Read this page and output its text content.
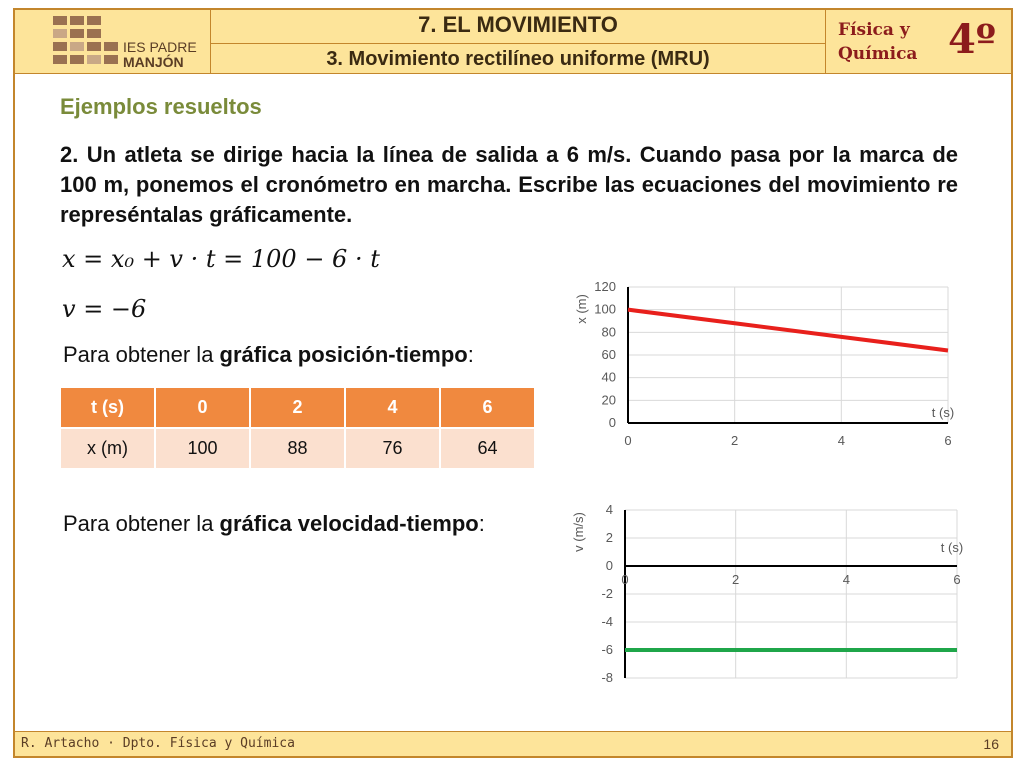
IES PADRE
MANJÓN
7. EL MOVIMIENTO
3. Movimiento rectilíneo uniforme (MRU)
Física y
Química 4º
Ejemplos resueltos
2. Un atleta se dirige hacia la línea de salida a 6 m/s. Cuando pasa por la marca de 100 m, ponemos el cronómetro en marcha. Escribe las ecuaciones del movimiento re represéntalas gráficamente.
x = x₀ + v · t = 100 − 6 · t
v = −6
Para obtener la gráfica posición-tiempo:
t (s)	0	2	4	6
x (m)	100	88	76	64
Para obtener la gráfica velocidad-tiempo:
0
20
40
60
80
100
120
0	2	4	6
t (s)
x (m)
4
2
0
-2
-4
-6
-8
0	2	4	6
t (s)
v (m/s)
R. Artacho · Dpto. Física y Química	16
